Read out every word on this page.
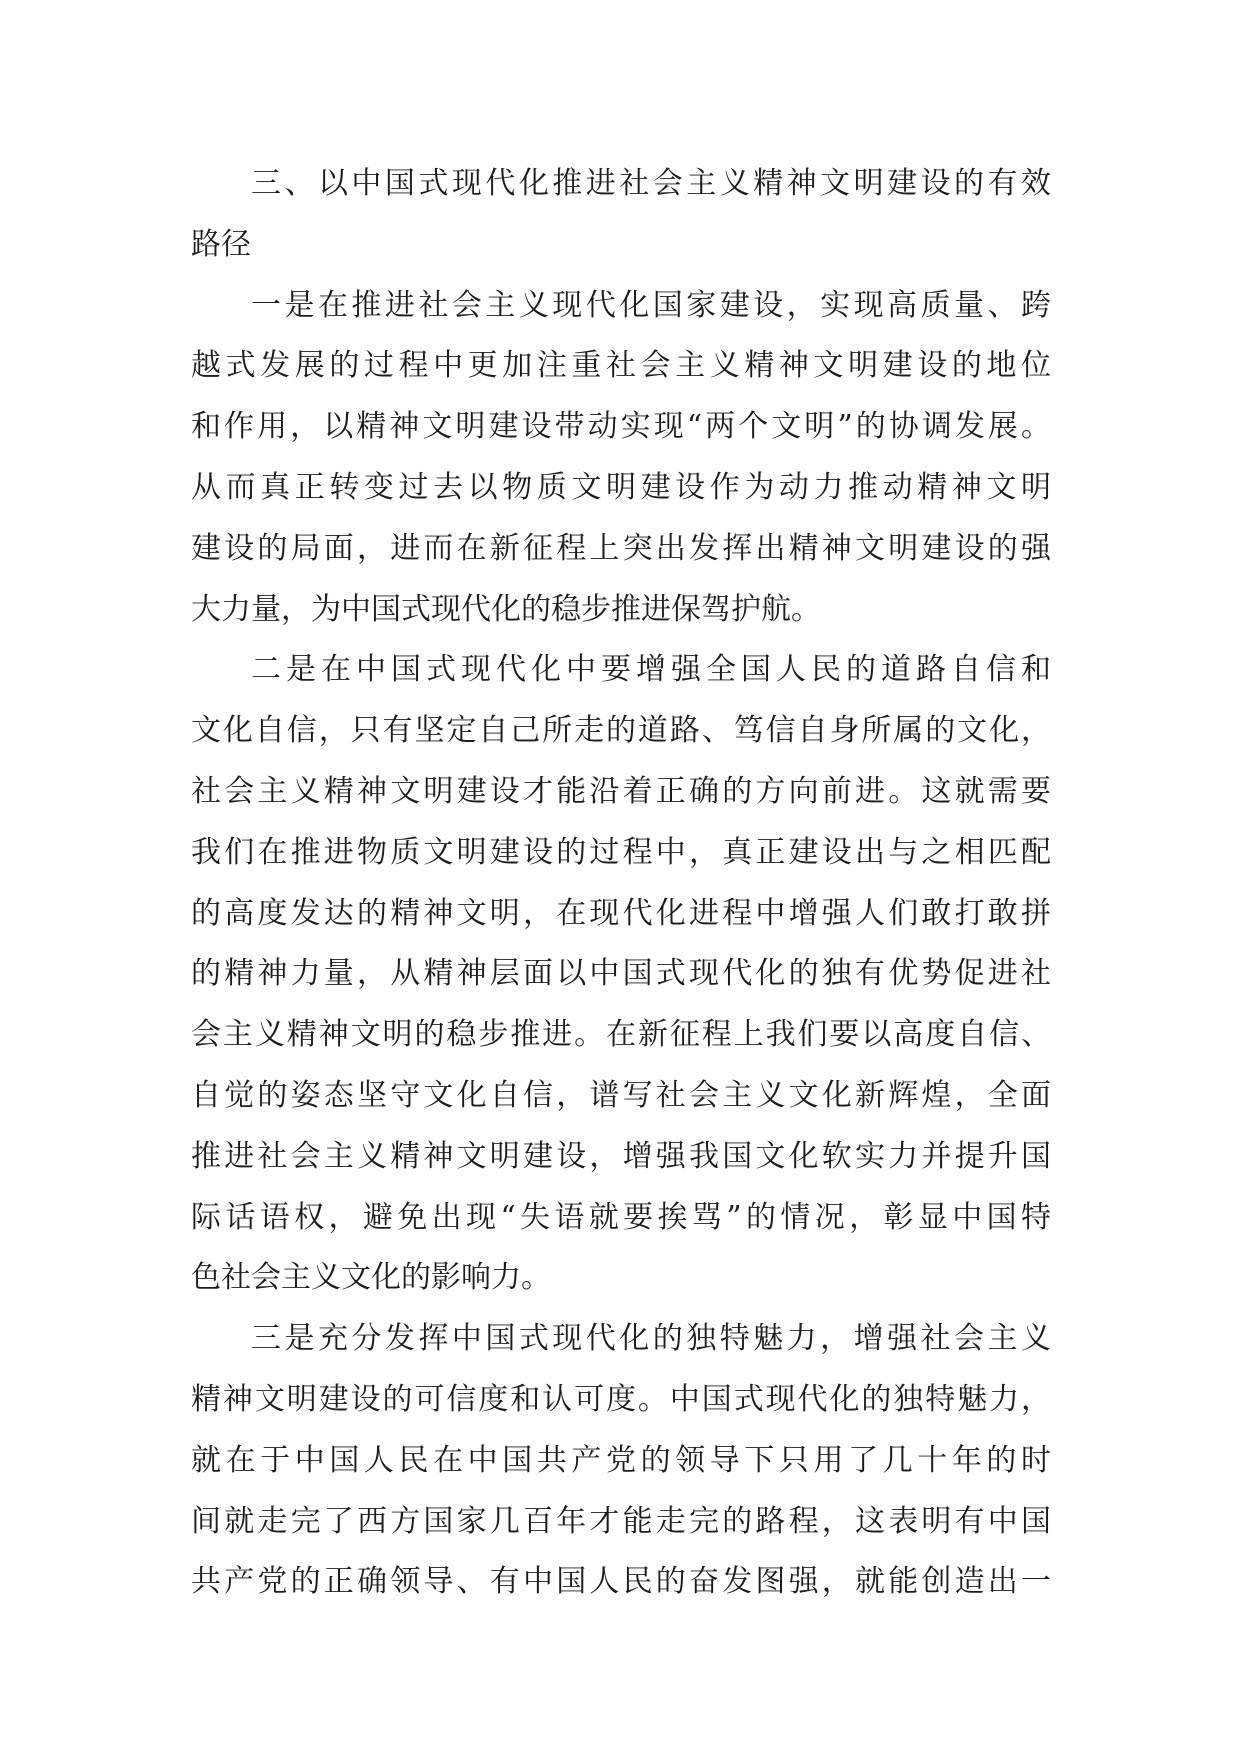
三、以中国式现代化推进社会主义精神文明建设的有效
路径
一是在推进社会主义现代化国家建设，实现高质量、跨
越式发展的过程中更加注重社会主义精神文明建设的地位
和作用，以精神文明建设带动实现“两个文明”的协调发展。
从而真正转变过去以物质文明建设作为动力推动精神文明
建设的局面，进而在新征程上突出发挥出精神文明建设的强
大力量，为中国式现代化的稳步推进保驾护航。
二是在中国式现代化中要增强全国人民的道路自信和
文化自信，只有坚定自己所走的道路、笃信自身所属的文化，
社会主义精神文明建设才能沿着正确的方向前进。这就需要
我们在推进物质文明建设的过程中，真正建设出与之相匹配
的高度发达的精神文明，在现代化进程中增强人们敢打敢拼
的精神力量，从精神层面以中国式现代化的独有优势促进社
会主义精神文明的稳步推进。在新征程上我们要以高度自信、
自觉的姿态坚守文化自信，谱写社会主义文化新辉煌，全面
推进社会主义精神文明建设，增强我国文化软实力并提升国
际话语权，避免出现“失语就要挨骂”的情况，彰显中国特
色社会主义文化的影响力。
三是充分发挥中国式现代化的独特魅力，增强社会主义
精神文明建设的可信度和认可度。中国式现代化的独特魅力，
就在于中国人民在中国共产党的领导下只用了几十年的时
间就走完了西方国家几百年才能走完的路程，这表明有中国
共产党的正确领导、有中国人民的奋发图强，就能创造出一
